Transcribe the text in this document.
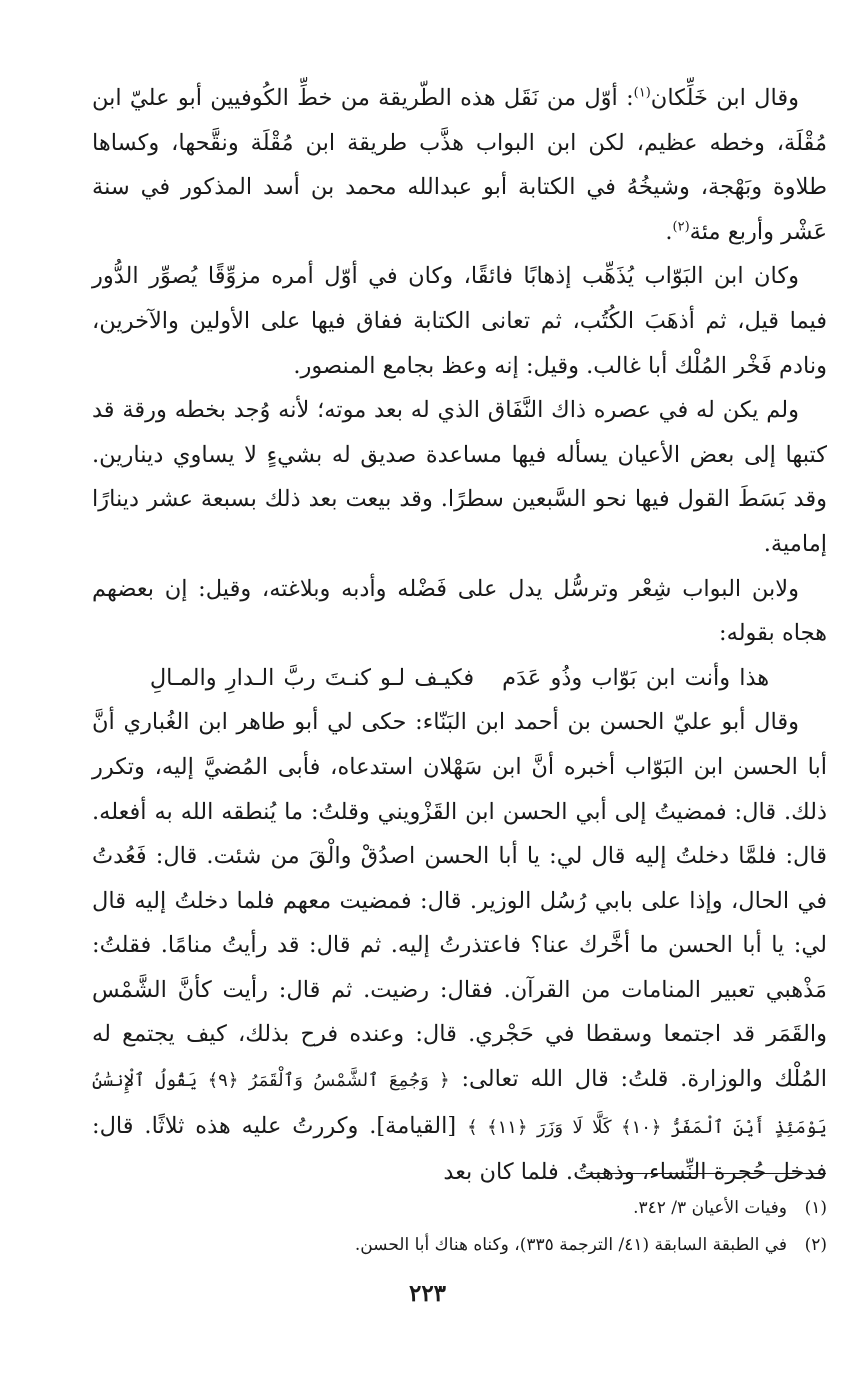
وقال ابن خَلِّكان$^{(١)}$: أوّل من نَقَل هذه الطّريقة من خطِّ الكُوفيين أبو عليّ ابن مُقْلَة، وخطه عظيم، لكن ابن البواب هذَّب طريقة ابن مُقْلَة ونقَّحها، وكساها طلاوة وبَهْجة، وشيخُهُ في الكتابة أبو عبدالله محمد بن أسد المذكور في سنة عَشْر وأربع مئة$^{(٢)}$.

وكان ابن البَوّاب يُذَهِّب إذهابًا فائقًا، وكان في أوّل أمره مزوِّقًا يُصوِّر الدُّور فيما قيل، ثم أذهَبَ الكُتُب، ثم تعانى الكتابة ففاق فيها على الأولين والآخرين، ونادم فَخْر المُلْك أبا غالب. وقيل: إنه وعظ بجامع المنصور.

ولم يكن له في عصره ذاك النَّفَاق الذي له بعد موته؛ لأنه وُجد بخطه ورقة قد كتبها إلى بعض الأعيان يسأله فيها مساعدة صديق له بشيءٍ لا يساوي دينارين. وقد بَسَطَ القول فيها نحو السَّبعين سطرًا. وقد بيعت بعد ذلك بسبعة عشر دينارًا إمامية.

ولابن البواب شِعْر وترسُّل يدل على فَضْله وأدبه وبلاغته، وقيل: إن بعضهم هجاه بقوله:

هذا وأنت ابن بَوّاب وذُو عَدَمفكيـف لـو كنـتَ ربَّ الـدارِ والمـالِ

وقال أبو عليّ الحسن بن أحمد ابن البَنّاء: حكى لي أبو طاهر ابن الغُباري أنَّ أبا الحسن ابن البَوّاب أخبره أنَّ ابن سَهْلان استدعاه، فأبى المُضيَّ إليه، وتكرر ذلك. قال: فمضيتُ إلى أبي الحسن ابن القَزْويني وقلتُ: ما يُنطقه الله به أفعله. قال: فلمَّا دخلتُ إليه قال لي: يا أبا الحسن اصدُقْ والْقَ من شئت. قال: فَعُدتُ في الحال، وإذا على بابي رُسُل الوزير. قال: فمضيت معهم فلما دخلتُ إليه قال لي: يا أبا الحسن ما أخَّرك عنا؟ فاعتذرتُ إليه. ثم قال: قد رأيتُ منامًا. فقلتُ: مَذْهبي تعبير المنامات من القرآن. فقال: رضيت. ثم قال: رأيت كأنَّ الشَّمْس والقَمَر قد اجتمعا وسقطا في حَجْري. قال: وعنده فرح بذلك، كيف يجتمع له المُلْك والوزارة. قلتُ: قال الله تعالى: ﴿ وَجُمِعَ ٱلشَّمْسُ وَٱلْقَمَرُ ﴿٩﴾ يَقُولُ ٱلْإِنسَٰنُ يَوْمَئِذٍ أَيْنَ ٱلْمَفَرُّ ﴿١٠﴾ كَلَّا لَا وَزَرَ ﴿١١﴾ ﴾ [القيامة]. وكررتُ عليه هذه ثلاثًا. قال: فدخل حُجرة النِّساء، وذهبتُ. فلما كان بعد

(١)وفيات الأعيان ٣/ ٣٤٢.

(٢)في الطبقة السابقة (٤١/ الترجمة ٣٣٥)، وكناه هناك أبا الحسن.

٢٢٣
